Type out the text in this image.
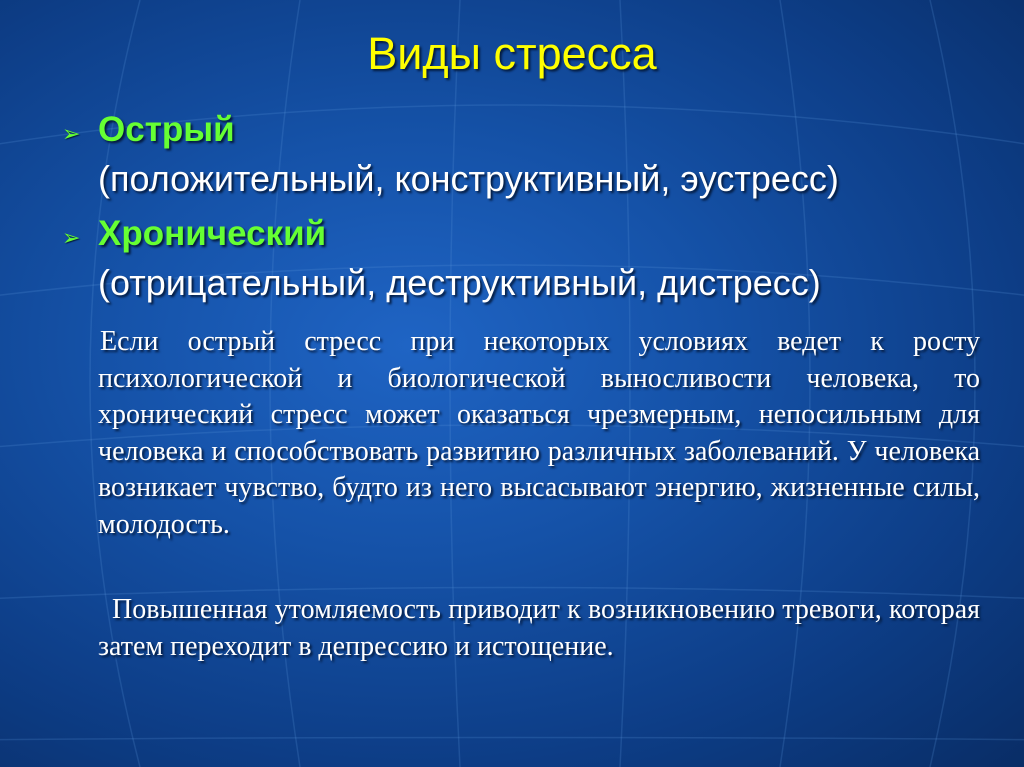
Виды стресса
➢ Острый
(положительный, конструктивный, эустресс)
➢ Хронический
(отрицательный, деструктивный, дистресс)
Если острый стресс при некоторых условиях ведет к росту психологической и биологической выносливости человека, то хронический стресс может оказаться чрезмерным, непосильным для человека и способствовать развитию различных заболеваний. У человека возникает чувство, будто из него высасывают энергию, жизненные силы, молодость.
Повышенная утомляемость приводит к возникновению тревоги, которая затем переходит в депрессию и истощение.
